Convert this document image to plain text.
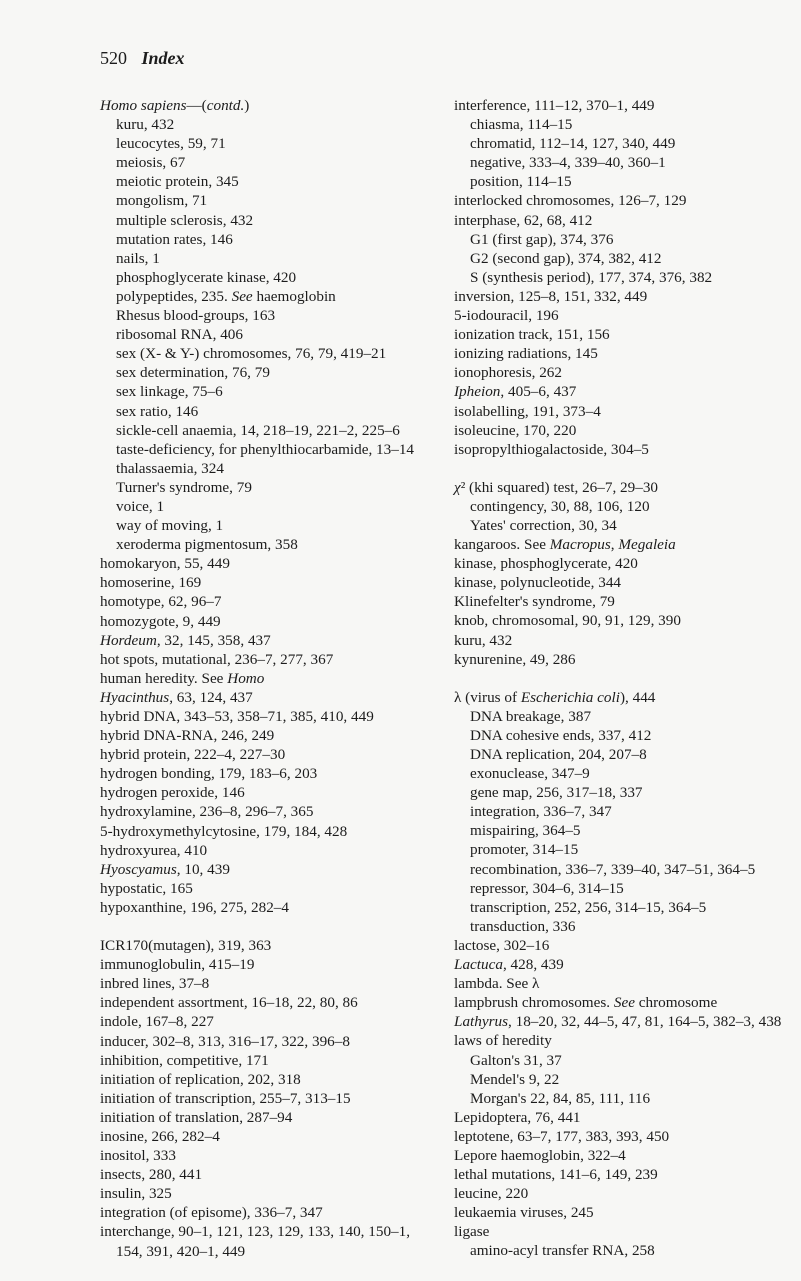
520 Index
Homo sapiens—(contd.)
kuru, 432
leucocytes, 59, 71
meiosis, 67
meiotic protein, 345
mongolism, 71
multiple sclerosis, 432
mutation rates, 146
nails, 1
phosphoglycerate kinase, 420
polypeptides, 235. See haemoglobin
Rhesus blood-groups, 163
ribosomal RNA, 406
sex (X- & Y-) chromosomes, 76, 79, 419–21
sex determination, 76, 79
sex linkage, 75–6
sex ratio, 146
sickle-cell anaemia, 14, 218–19, 221–2, 225–6
taste-deficiency, for phenylthiocarbamide, 13–14
thalassaemia, 324
Turner's syndrome, 79
voice, 1
way of moving, 1
xeroderma pigmentosum, 358
homokaryon, 55, 449
homoserine, 169
homotype, 62, 96–7
homozygote, 9, 449
Hordeum, 32, 145, 358, 437
hot spots, mutational, 236–7, 277, 367
human heredity. See Homo
Hyacinthus, 63, 124, 437
hybrid DNA, 343–53, 358–71, 385, 410, 449
hybrid DNA-RNA, 246, 249
hybrid protein, 222–4, 227–30
hydrogen bonding, 179, 183–6, 203
hydrogen peroxide, 146
hydroxylamine, 236–8, 296–7, 365
5-hydroxymethylcytosine, 179, 184, 428
hydroxyurea, 410
Hyoscyamus, 10, 439
hypostatic, 165
hypoxanthine, 196, 275, 282–4
ICR170(mutagen), 319, 363
immunoglobulin, 415–19
inbred lines, 37–8
independent assortment, 16–18, 22, 80, 86
indole, 167–8, 227
inducer, 302–8, 313, 316–17, 322, 396–8
inhibition, competitive, 171
initiation of replication, 202, 318
initiation of transcription, 255–7, 313–15
initiation of translation, 287–94
inosine, 266, 282–4
inositol, 333
insects, 280, 441
insulin, 325
integration (of episome), 336–7, 347
interchange, 90–1, 121, 123, 129, 133, 140, 150–1, 154, 391, 420–1, 449
interference, 111–12, 370–1, 449
chiasma, 114–15
chromatid, 112–14, 127, 340, 449
negative, 333–4, 339–40, 360–1
position, 114–15
interlocked chromosomes, 126–7, 129
interphase, 62, 68, 412
G1 (first gap), 374, 376
G2 (second gap), 374, 382, 412
S (synthesis period), 177, 374, 376, 382
inversion, 125–8, 151, 332, 449
5-iodouracil, 196
ionization track, 151, 156
ionizing radiations, 145
ionophoresis, 262
Ipheion, 405–6, 437
isolabelling, 191, 373–4
isoleucine, 170, 220
isopropylthiogalactoside, 304–5
χ² (khi squared) test, 26–7, 29–30
contingency, 30, 88, 106, 120
Yates' correction, 30, 34
kangaroos. See Macropus, Megaleia
kinase, phosphoglycerate, 420
kinase, polynucleotide, 344
Klinefelter's syndrome, 79
knob, chromosomal, 90, 91, 129, 390
kuru, 432
kynurenine, 49, 286
λ (virus of Escherichia coli), 444
DNA breakage, 387
DNA cohesive ends, 337, 412
DNA replication, 204, 207–8
exonuclease, 347–9
gene map, 256, 317–18, 337
integration, 336–7, 347
mispairing, 364–5
promoter, 314–15
recombination, 336–7, 339–40, 347–51, 364–5
repressor, 304–6, 314–15
transcription, 252, 256, 314–15, 364–5
transduction, 336
lactose, 302–16
Lactuca, 428, 439
lambda. See λ
lampbrush chromosomes. See chromosome
Lathyrus, 18–20, 32, 44–5, 47, 81, 164–5, 382–3, 438
laws of heredity
Galton's 31, 37
Mendel's 9, 22
Morgan's 22, 84, 85, 111, 116
Lepidoptera, 76, 441
leptotene, 63–7, 177, 383, 393, 450
Lepore haemoglobin, 322–4
lethal mutations, 141–6, 149, 239
leucine, 220
leukaemia viruses, 245
ligase
amino-acyl transfer RNA, 258
